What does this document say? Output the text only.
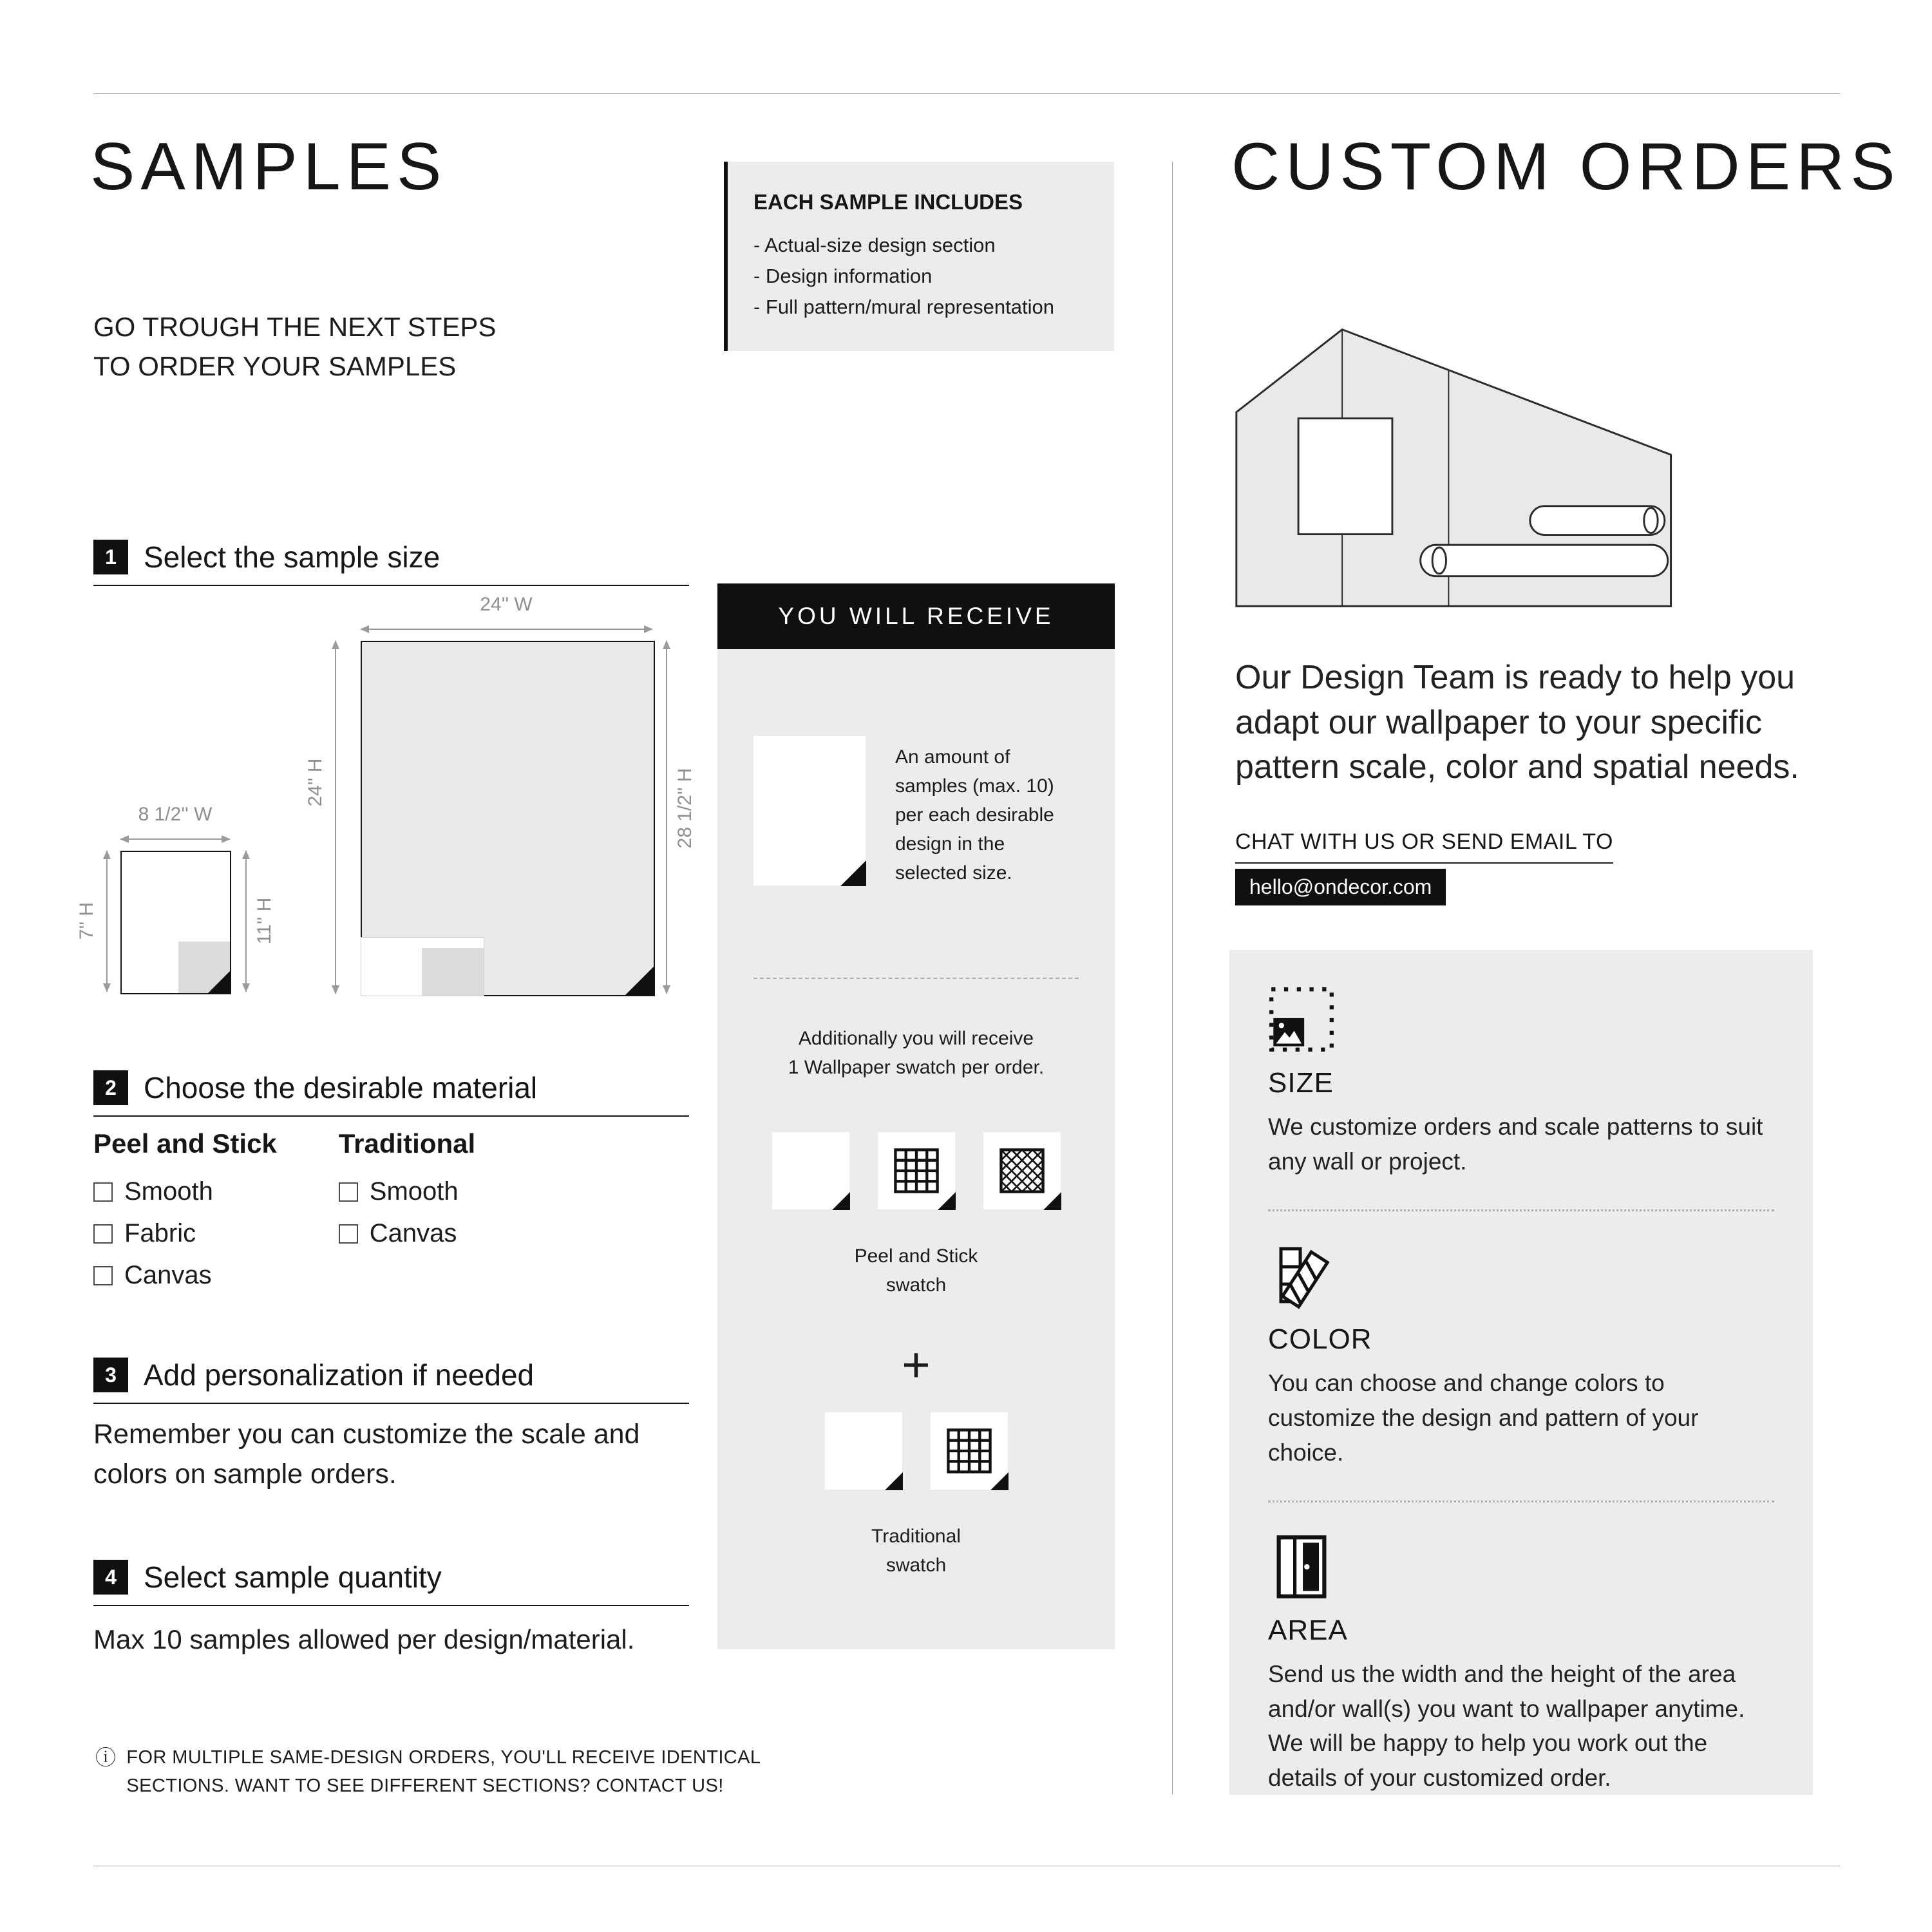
SAMPLES	CUSTOM ORDERS
GO TROUGH THE NEXT STEPS
TO ORDER YOUR SAMPLES
EACH SAMPLE INCLUDES
- Actual-size design section
- Design information
- Full pattern/mural representation
1 Select the sample size
24'' W
24'' H	28 1/2'' H
8 1/2'' W
7'' H	11'' H
2 Choose the desirable material
Peel and Stick
Smooth
Fabric
Canvas
Traditional
Smooth
Canvas
3 Add personalization if needed
Remember you can customize the scale and colors on sample orders.
4 Select sample quantity
Max 10 samples allowed per design/material.
ⓘ FOR MULTIPLE SAME-DESIGN ORDERS, YOU'LL RECEIVE IDENTICAL
SECTIONS. WANT TO SEE DIFFERENT SECTIONS? CONTACT US!
YOU WILL RECEIVE
An amount of samples (max. 10) per each desirable design in the selected size.
Additionally you will receive
1 Wallpaper swatch per order.
Peel and Stick
swatch
+
Traditional
swatch
Our Design Team is ready to help you adapt our wallpaper to your specific pattern scale, color and spatial needs.
CHAT WITH US OR SEND EMAIL TO
hello@ondecor.com
SIZE
We customize orders and scale patterns to suit any wall or project.
COLOR
You can choose and change colors to customize the design and pattern of your choice.
AREA
Send us the width and the height of the area and/or wall(s) you want to wallpaper anytime. We will be happy to help you work out the details of your customized order.
